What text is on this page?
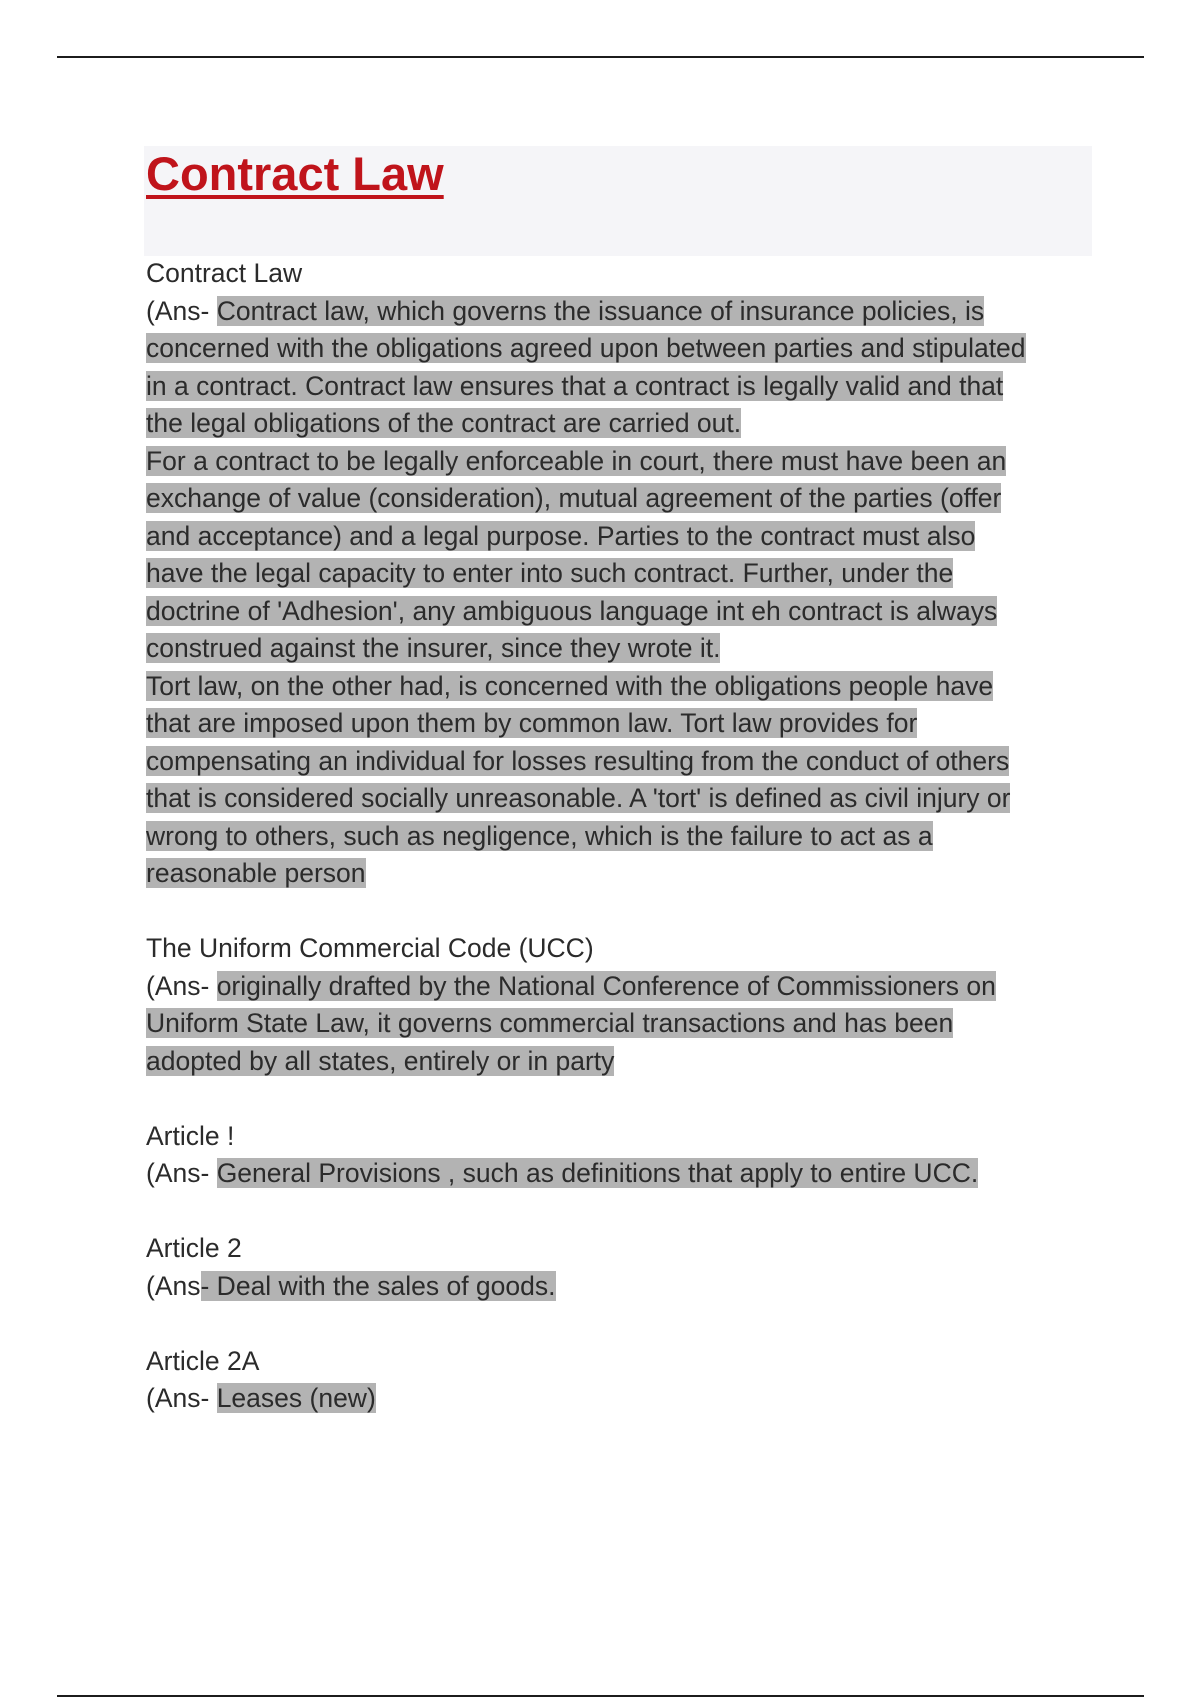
Contract Law
Contract Law
(Ans- Contract law, which governs the issuance of insurance policies, is
concerned with the obligations agreed upon between parties and stipulated
in a contract. Contract law ensures that a contract is legally valid and that
the legal obligations of the contract are carried out.
For a contract to be legally enforceable in court, there must have been an
exchange of value (consideration), mutual agreement of the parties (offer
and acceptance) and a legal purpose. Parties to the contract must also
have the legal capacity to enter into such contract. Further, under the
doctrine of 'Adhesion', any ambiguous language int eh contract is always
construed against the insurer, since they wrote it.
Tort law, on the other had, is concerned with the obligations people have
that are imposed upon them by common law. Tort law provides for
compensating an individual for losses resulting from the conduct of others
that is considered socially unreasonable. A 'tort' is defined as civil injury or
wrong to others, such as negligence, which is the failure to act as a
reasonable person
The Uniform Commercial Code (UCC)
(Ans- originally drafted by the National Conference of Commissioners on
Uniform State Law, it governs commercial transactions and has been
adopted by all states, entirely or in party
Article !
(Ans- General Provisions , such as definitions that apply to entire UCC.
Article 2
(Ans- Deal with the sales of goods.
Article 2A
(Ans- Leases (new)
